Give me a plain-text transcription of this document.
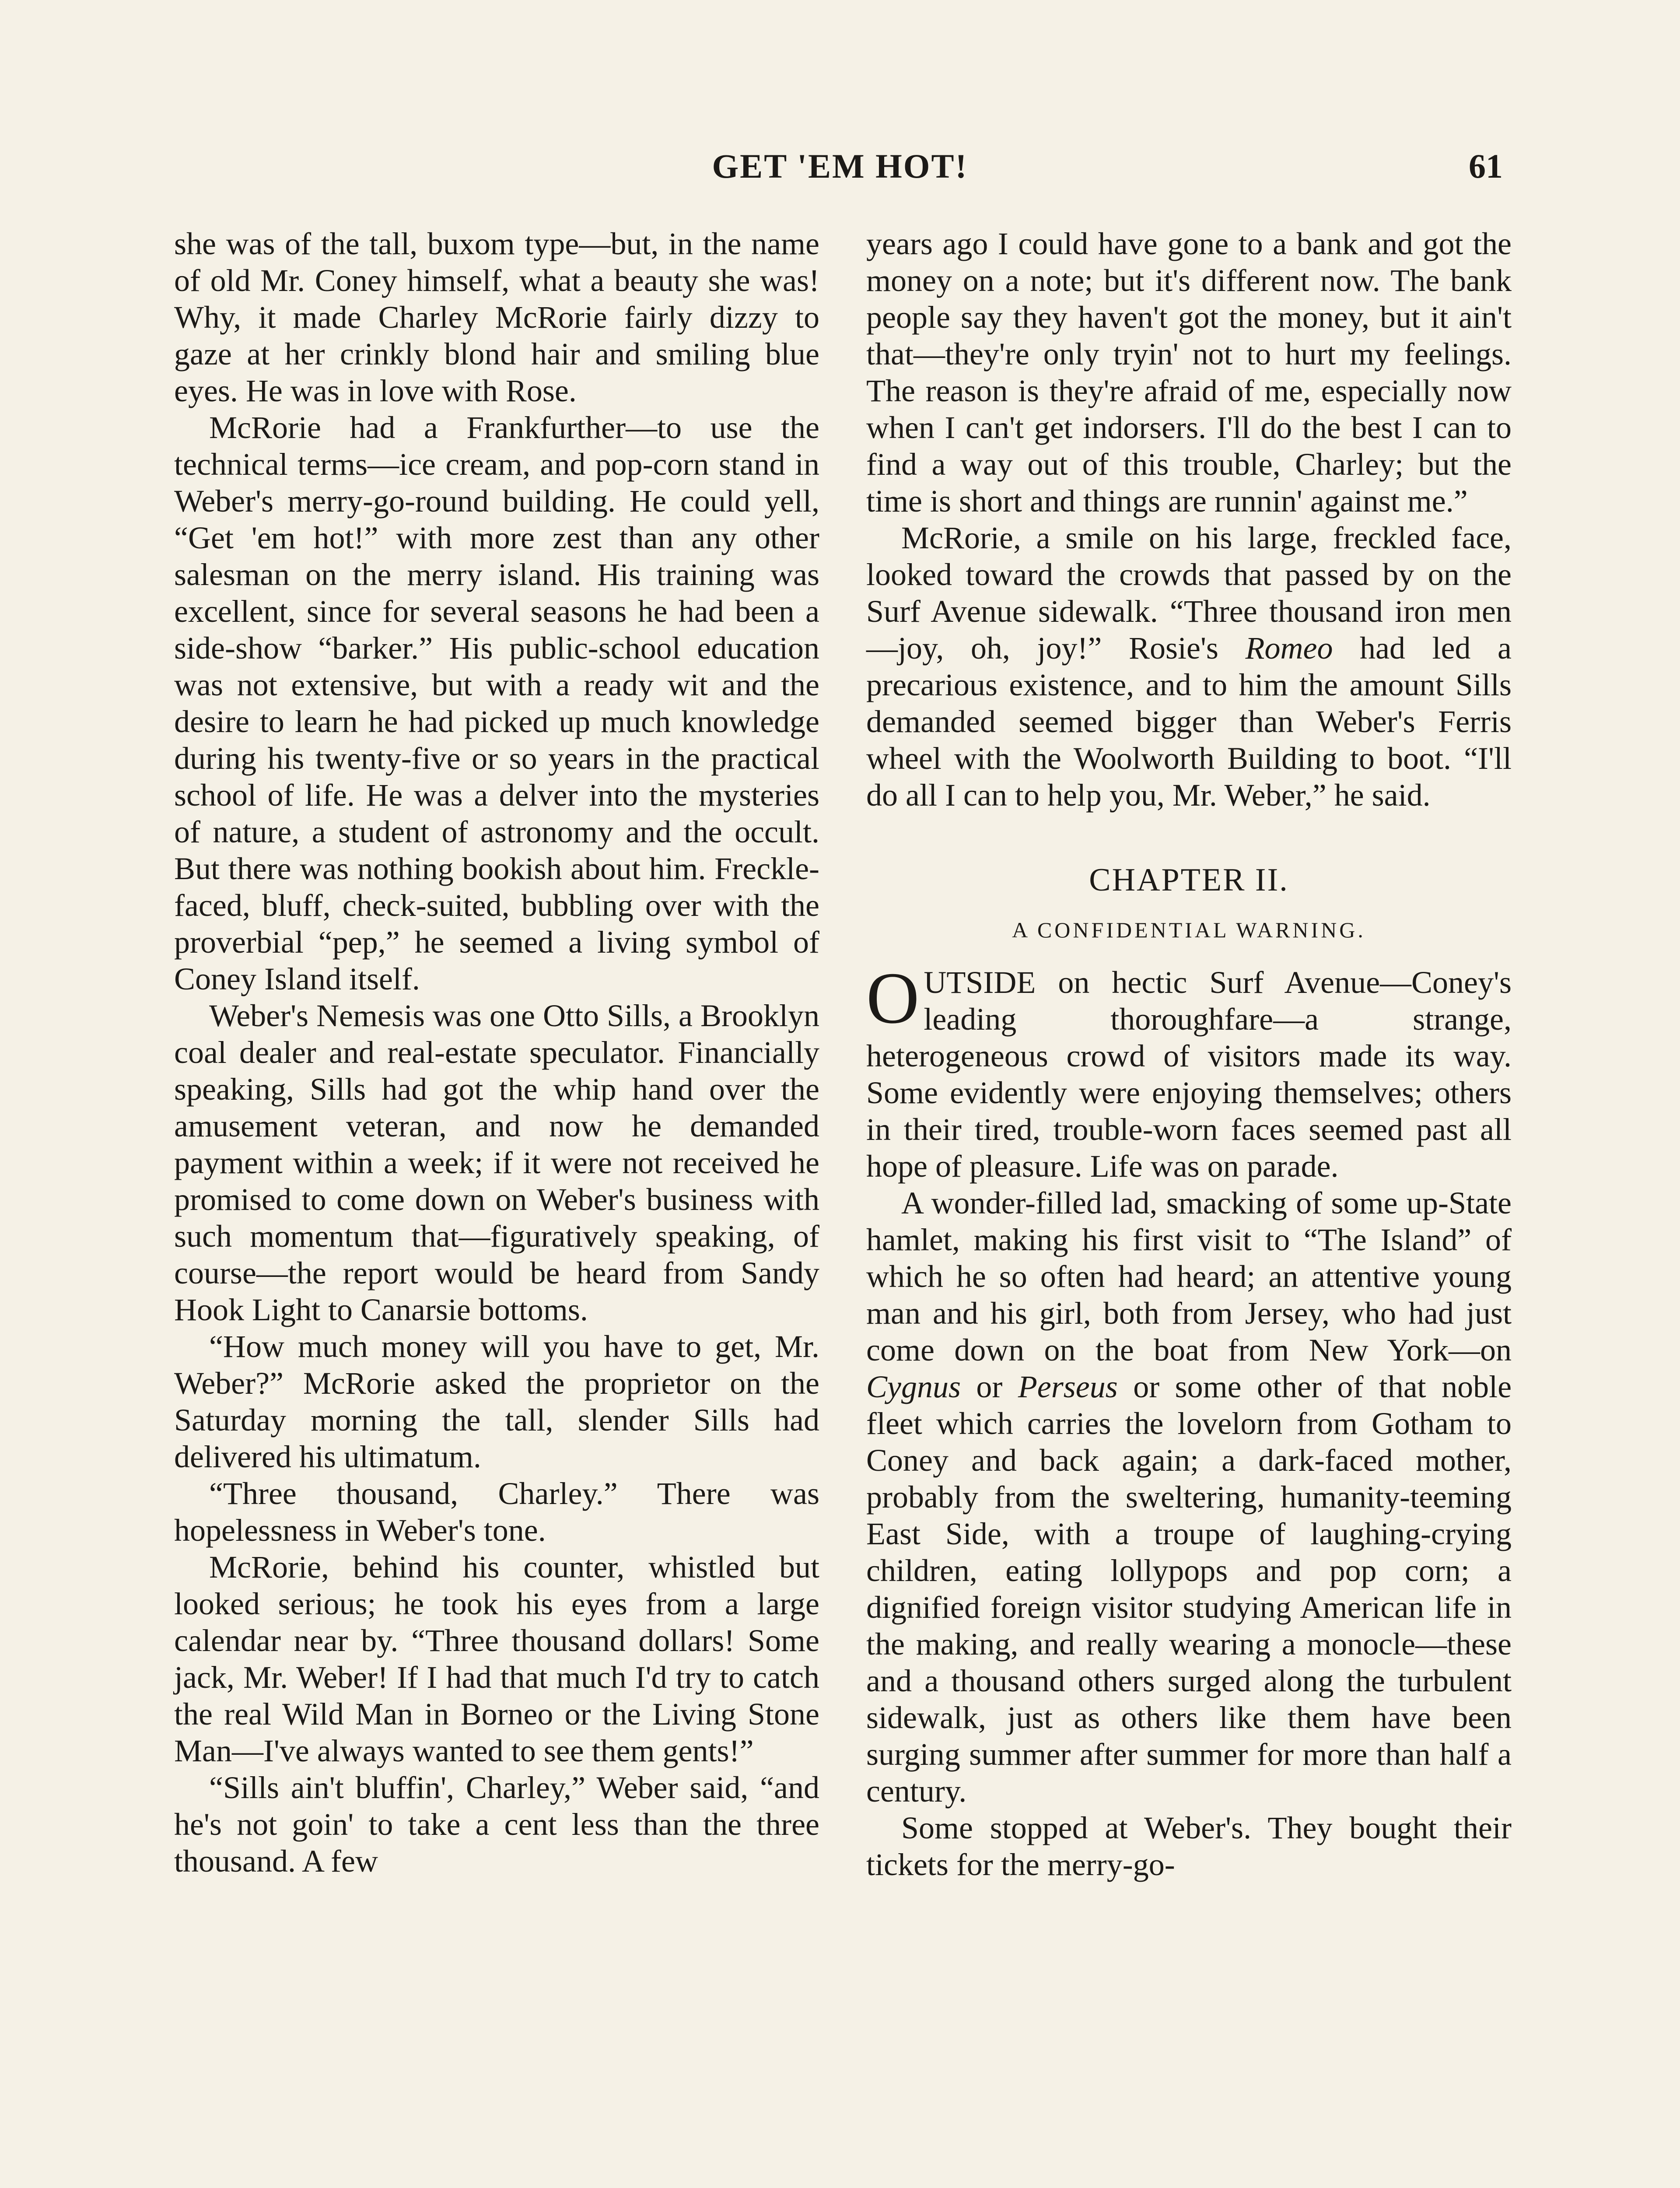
GET 'EM HOT!	61

she was of the tall, buxom type—but, in the name of old Mr. Coney himself, what a beauty she was! Why, it made Charley McRorie fairly dizzy to gaze at her crinkly blond hair and smiling blue eyes. He was in love with Rose.

McRorie had a Frankfurther—to use the technical terms—ice cream, and pop-corn stand in Weber's merry-go-round building. He could yell, “Get 'em hot!” with more zest than any other salesman on the merry island. His training was excellent, since for several seasons he had been a side-show “barker.” His public-school education was not extensive, but with a ready wit and the desire to learn he had picked up much knowledge during his twenty-five or so years in the practical school of life. He was a delver into the mysteries of nature, a student of astronomy and the occult. But there was nothing bookish about him. Freckle-faced, bluff, check-suited, bubbling over with the proverbial “pep,” he seemed a living symbol of Coney Island itself.

Weber's Nemesis was one Otto Sills, a Brooklyn coal dealer and real-estate speculator. Financially speaking, Sills had got the whip hand over the amusement veteran, and now he demanded payment within a week; if it were not received he promised to come down on Weber's business with such momentum that—figuratively speaking, of course—the report would be heard from Sandy Hook Light to Canarsie bottoms.

“How much money will you have to get, Mr. Weber?” McRorie asked the proprietor on the Saturday morning the tall, slender Sills had delivered his ultimatum.

“Three thousand, Charley.” There was hopelessness in Weber's tone.

McRorie, behind his counter, whistled but looked serious; he took his eyes from a large calendar near by. “Three thousand dollars! Some jack, Mr. Weber! If I had that much I'd try to catch the real Wild Man in Borneo or the Living Stone Man—I've always wanted to see them gents!”

“Sills ain't bluffin', Charley,” Weber said, “and he's not goin' to take a cent less than the three thousand. A few

years ago I could have gone to a bank and got the money on a note; but it's different now. The bank people say they haven't got the money, but it ain't that—they're only tryin' not to hurt my feelings. The reason is they're afraid of me, especially now when I can't get indorsers. I'll do the best I can to find a way out of this trouble, Charley; but the time is short and things are runnin' against me.”

McRorie, a smile on his large, freckled face, looked toward the crowds that passed by on the Surf Avenue sidewalk. “Three thousand iron men—joy, oh, joy!” Rosie's Romeo had led a precarious existence, and to him the amount Sills demanded seemed bigger than Weber's Ferris wheel with the Woolworth Building to boot. “I'll do all I can to help you, Mr. Weber,” he said.

CHAPTER II.
A CONFIDENTIAL WARNING.

OUTSIDE on hectic Surf Avenue—Coney's leading thoroughfare—a strange, heterogeneous crowd of visitors made its way. Some evidently were enjoying themselves; others in their tired, trouble-worn faces seemed past all hope of pleasure. Life was on parade.

A wonder-filled lad, smacking of some up-State hamlet, making his first visit to “The Island” of which he so often had heard; an attentive young man and his girl, both from Jersey, who had just come down on the boat from New York—on Cygnus or Perseus or some other of that noble fleet which carries the lovelorn from Gotham to Coney and back again; a dark-faced mother, probably from the sweltering, humanity-teeming East Side, with a troupe of laughing-crying children, eating lollypops and pop corn; a dignified foreign visitor studying American life in the making, and really wearing a monocle—these and a thousand others surged along the turbulent sidewalk, just as others like them have been surging summer after summer for more than half a century.

Some stopped at Weber's. They bought their tickets for the merry-go-
